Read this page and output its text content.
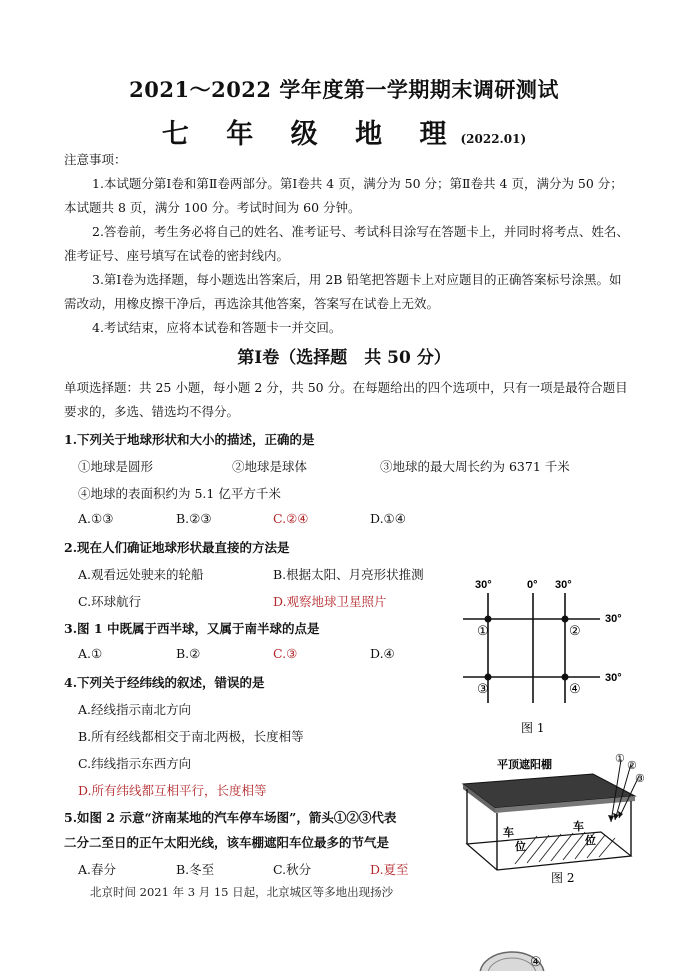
2021～2022 学年度第一学期期末调研测试
七 年 级 地 理(2022.01)
注意事项：
1.本试题分第Ⅰ卷和第Ⅱ卷两部分。第Ⅰ卷共 4 页，满分为 50 分；第Ⅱ卷共 4 页，满分为 50 分；本试题共 8 页，满分 100 分。考试时间为 60 分钟。
2.答卷前，考生务必将自己的姓名、准考证号、考试科目涂写在答题卡上，并同时将考点、姓名、准考证号、座号填写在试卷的密封线内。
3.第Ⅰ卷为选择题，每小题选出答案后，用 2B 铅笔把答题卡上对应题目的正确答案标号涂黑。如需改动，用橡皮擦干净后，再选涂其他答案，答案写在试卷上无效。
4.考试结束，应将本试卷和答题卡一并交回。
第Ⅰ卷（选择题　共 50 分）
单项选择题：共 25 小题，每小题 2 分，共 50 分。在每题给出的四个选项中，只有一项是最符合题目要求的，多选、错选均不得分。
1.下列关于地球形状和大小的描述，正确的是
①地球是圆形	②地球是球体	③地球的最大周长约为 6371 千米
④地球的表面积约为 5.1 亿平方千米
A.①③	B.②③	C.②④	D.①④
2.现在人们确证地球形状最直接的方法是
A.观看远处驶来的轮船	B.根据太阳、月亮形状推测
C.环球航行	D.观察地球卫星照片
3.图 1 中既属于西半球，又属于南半球的点是
A.①	B.②	C.③	D.④
4.下列关于经纬线的叙述，错误的是
A.经线指示南北方向
B.所有经线都相交于南北两极，长度相等
C.纬线指示东西方向
D.所有纬线都互相平行，长度相等
5.如图 2 示意“济南某地的汽车停车场图”，箭头①②③代表
二分二至日的正午太阳光线，该车棚遮阳车位最多的节气是
A.春分	B.冬至	C.秋分	D.夏至
北京时间 2021 年 3 月 15 日起，北京城区等多地出现扬沙
30°	0° 30°
30°
30°
①	②
③	④
图 1
平顶遮阳棚
车
位
车
位
①
②
③
图 2
④
